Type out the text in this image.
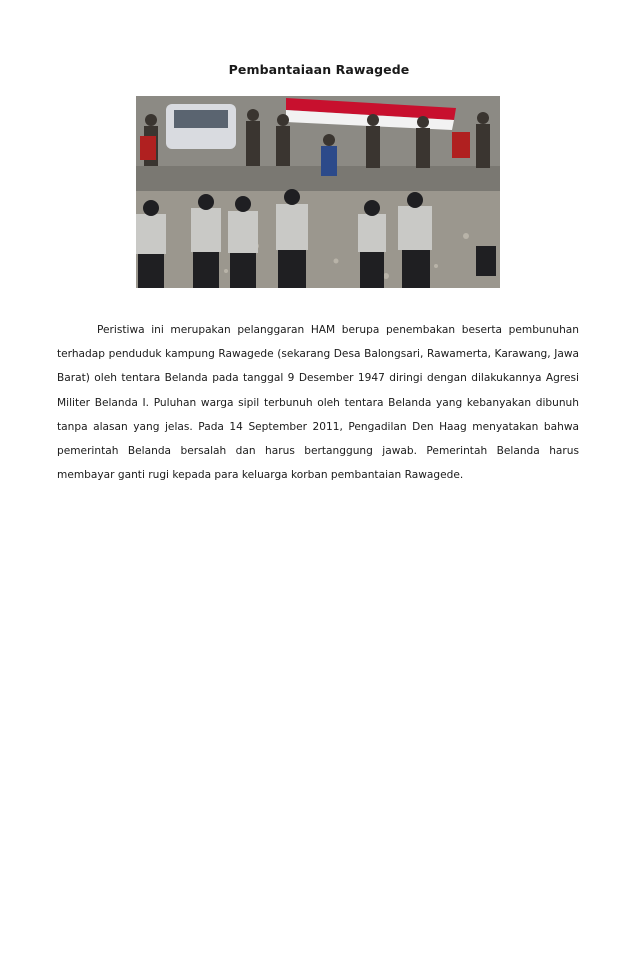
Pembantaiaan Rawagede

Peristiwa ini merupakan pelanggaran HAM berupa penembakan beserta pembunuhan terhadap penduduk kampung Rawagede (sekarang Desa Balongsari, Rawamerta, Karawang, Jawa Barat) oleh tentara Belanda pada tanggal 9 Desember 1947 diringi dengan dilakukannya Agresi Militer Belanda I. Puluhan warga sipil terbunuh oleh tentara Belanda yang kebanyakan dibunuh tanpa alasan yang jelas. Pada 14 September 2011, Pengadilan Den Haag menyatakan bahwa pemerintah Belanda bersalah dan harus bertanggung jawab. Pemerintah Belanda harus membayar ganti rugi kepada para keluarga korban pembantaian Rawagede.
